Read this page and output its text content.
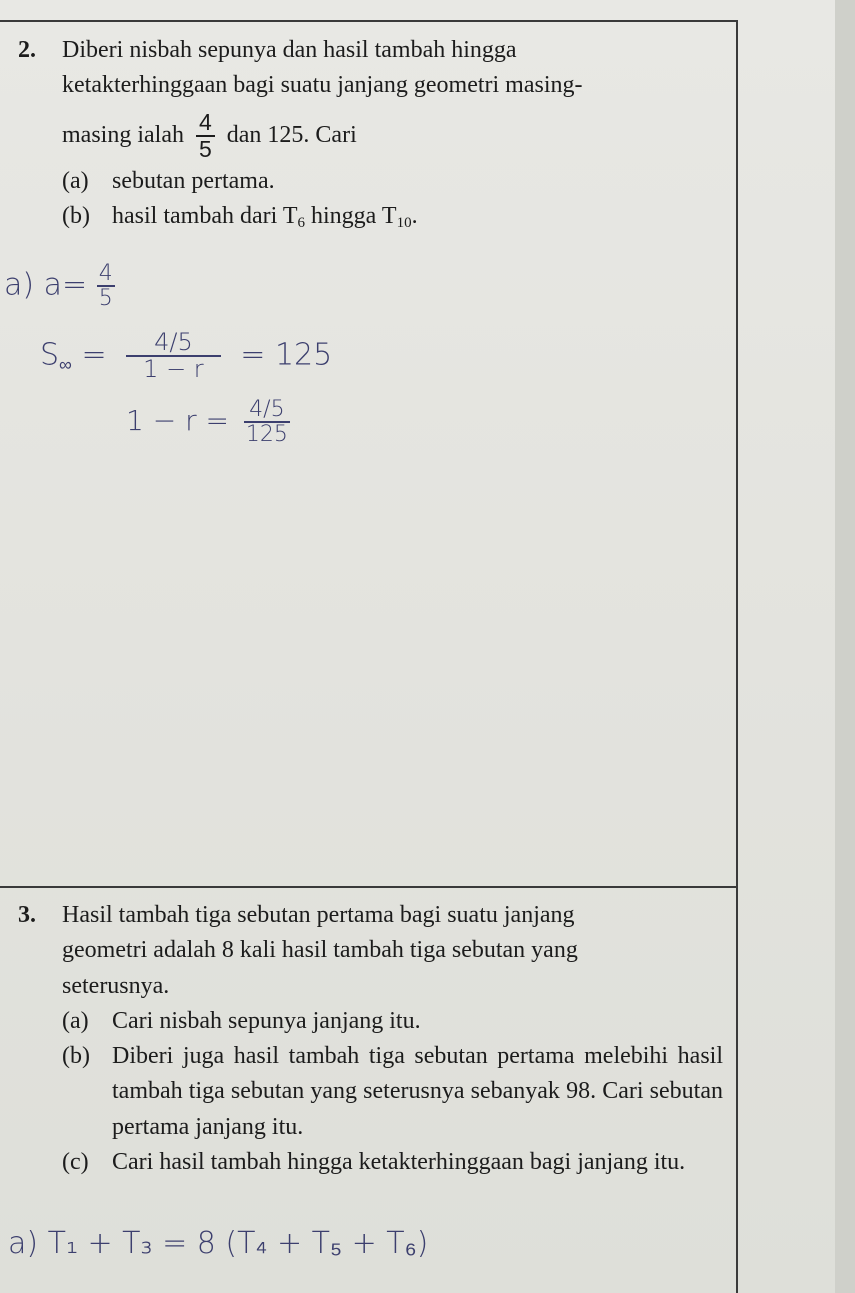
2. Diberi nisbah sepunya dan hasil tambah hingga

ketakterhinggaan bagi suatu janjang geometri masing-

masing ialah $\frac{4}{5}$ dan 125. Cari

(a) sebutan pertama.
(b) hasil tambah dari $T_6$ hingga $T_{10}$.
a) $a= \frac{4}{5}$
$S_\infty = \frac{4/5}{1 - r} = 125$
$1 - r = \frac{4/5}{125}$

3. Hasil tambah tiga sebutan pertama bagi suatu janjang

geometri adalah 8 kali hasil tambah tiga sebutan yang

seterusnya.

(a) Cari nisbah sepunya janjang itu.
(b) Diberi juga hasil tambah tiga sebutan pertama melebihi hasil tambah tiga sebutan yang seterusnya sebanyak 98. Cari sebutan pertama janjang itu.
(c) Cari hasil tambah hingga ketakterhinggaan bagi janjang itu.
a) T₁ + T₃ = 8 (T₄ + T₅ + T₆)
